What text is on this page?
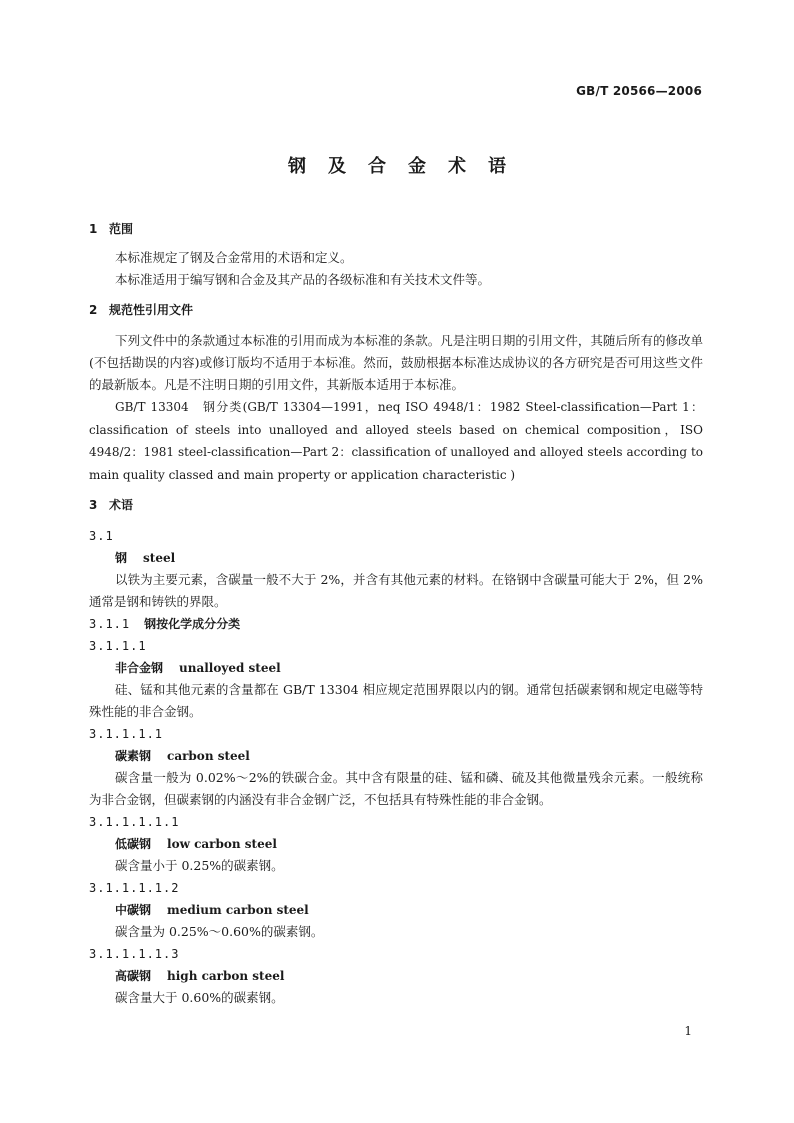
GB/T 20566—2006
钢及合金术语
1 范围

本标准规定了钢及合金常用的术语和定义。

本标准适用于编写钢和合金及其产品的各级标准和有关技术文件等。

2 规范性引用文件

下列文件中的条款通过本标准的引用而成为本标准的条款。凡是注明日期的引用文件，其随后所有的修改单(不包括勘误的内容)或修订版均不适用于本标准。然而，鼓励根据本标准达成协议的各方研究是否可用这些文件的最新版本。凡是不注明日期的引用文件，其新版本适用于本标准。

GB/T 13304　钢分类(GB/T 13304—1991，neq ISO 4948/1：1982 Steel-classification—Part 1：classification of steels into unalloyed and alloyed steels based on chemical composition，ISO 4948/2：1981 steel-classification—Part 2：classification of unalloyed and alloyed steels according to main quality classed and main property or application characteristic )

3 术语

3.1

钢 steel

以铁为主要元素，含碳量一般不大于 2%，并含有其他元素的材料。在铬钢中含碳量可能大于 2%，但 2%通常是钢和铸铁的界限。

3.1.1 钢按化学成分分类

3.1.1.1

非合金钢 unalloyed steel

硅、锰和其他元素的含量都在 GB/T 13304 相应规定范围界限以内的钢。通常包括碳素钢和规定电磁等特殊性能的非合金钢。

3.1.1.1.1

碳素钢 carbon steel

碳含量一般为 0.02%～2%的铁碳合金。其中含有限量的硅、锰和磷、硫及其他微量残余元素。一般统称为非合金钢，但碳素钢的内涵没有非合金钢广泛，不包括具有特殊性能的非合金钢。

3.1.1.1.1.1

低碳钢 low carbon steel

碳含量小于 0.25%的碳素钢。

3.1.1.1.1.2

中碳钢 medium carbon steel

碳含量为 0.25%～0.60%的碳素钢。

3.1.1.1.1.3

高碳钢 high carbon steel

碳含量大于 0.60%的碳素钢。

1
